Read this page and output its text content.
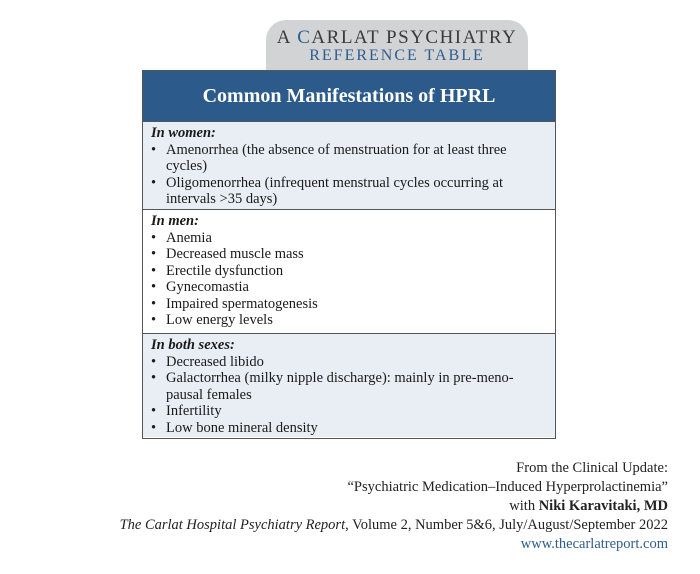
A CARLAT PSYCHIATRY
REFERENCE TABLE
Common Manifestations of HPRL
In women:
• Amenorrhea (the absence of menstruation for at least three cycles)
• Oligomenorrhea (infrequent menstrual cycles occurring at intervals >35 days)
In men:
• Anemia
• Decreased muscle mass
• Erectile dysfunction
• Gynecomastia
• Impaired spermatogenesis
• Low energy levels
In both sexes:
• Decreased libido
• Galactorrhea (milky nipple discharge): mainly in pre-meno-pausal females
• Infertility
• Low bone mineral density
From the Clinical Update:
“Psychiatric Medication–Induced Hyperprolactinemia”
with Niki Karavitaki, MD
The Carlat Hospital Psychiatry Report, Volume 2, Number 5&6, July/August/September 2022
www.thecarlatreport.com
